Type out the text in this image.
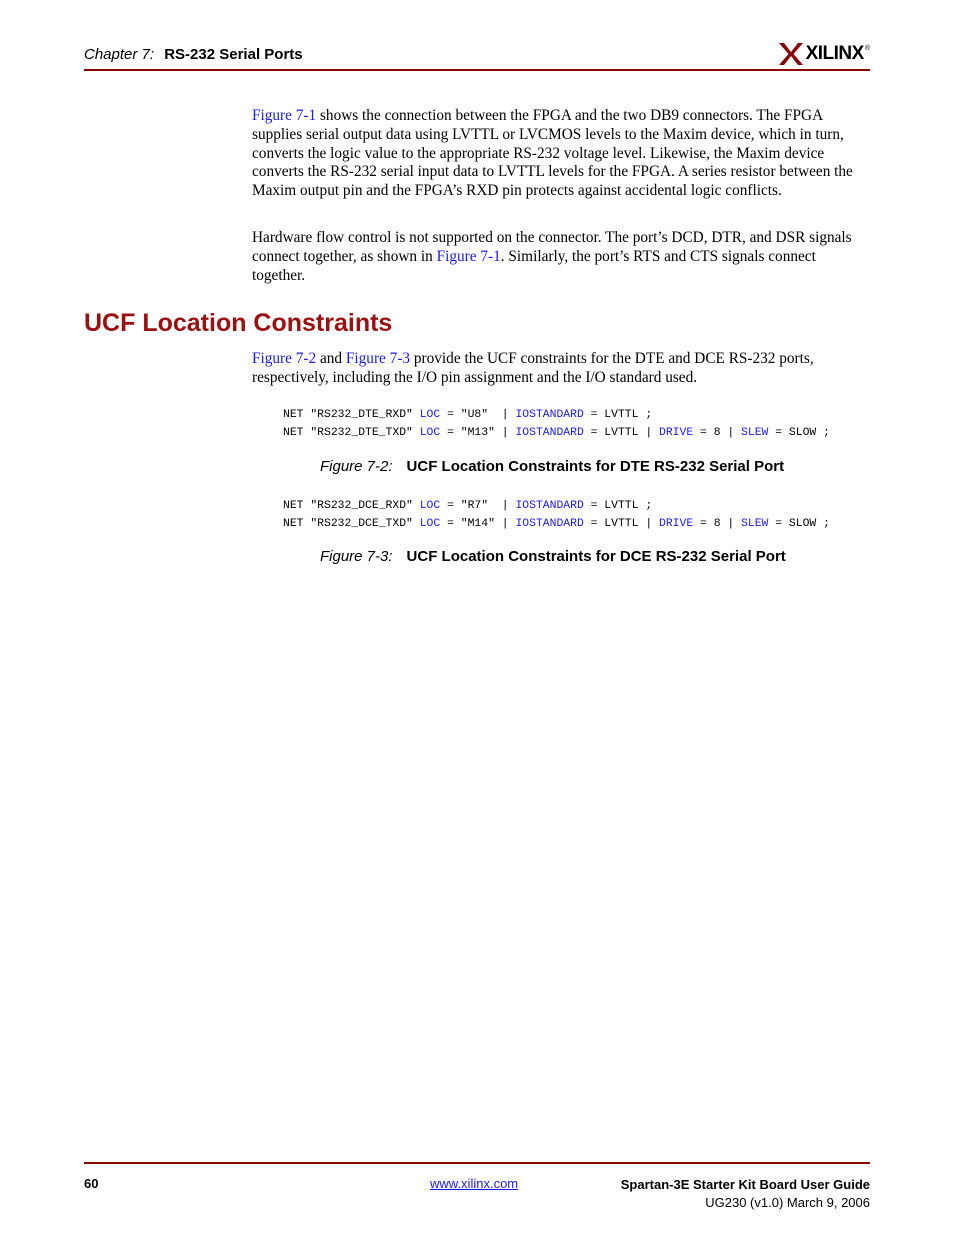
Chapter 7: RS-232 Serial Ports	XILINX ®
Figure 7-1 shows the connection between the FPGA and the two DB9 connectors. The FPGA supplies serial output data using LVTTL or LVCMOS levels to the Maxim device, which in turn, converts the logic value to the appropriate RS-232 voltage level. Likewise, the Maxim device converts the RS-232 serial input data to LVTTL levels for the FPGA. A series resistor between the Maxim output pin and the FPGA’s RXD pin protects against accidental logic conflicts.
Hardware flow control is not supported on the connector. The port’s DCD, DTR, and DSR signals connect together, as shown in Figure 7-1. Similarly, the port’s RTS and CTS signals connect together.
UCF Location Constraints
Figure 7-2 and Figure 7-3 provide the UCF constraints for the DTE and DCE RS-232 ports, respectively, including the I/O pin assignment and the I/O standard used.
NET "RS232_DTE_RXD" LOC = "U8"  | IOSTANDARD = LVTTL ;
NET "RS232_DTE_TXD" LOC = "M13" | IOSTANDARD = LVTTL | DRIVE = 8 | SLEW = SLOW ;
Figure 7-2: UCF Location Constraints for DTE RS-232 Serial Port
NET "RS232_DCE_RXD" LOC = "R7"  | IOSTANDARD = LVTTL ;
NET "RS232_DCE_TXD" LOC = "M14" | IOSTANDARD = LVTTL | DRIVE = 8 | SLEW = SLOW ;
Figure 7-3: UCF Location Constraints for DCE RS-232 Serial Port
60	www.xilinx.com	Spartan-3E Starter Kit Board User Guide
UG230 (v1.0) March 9, 2006
